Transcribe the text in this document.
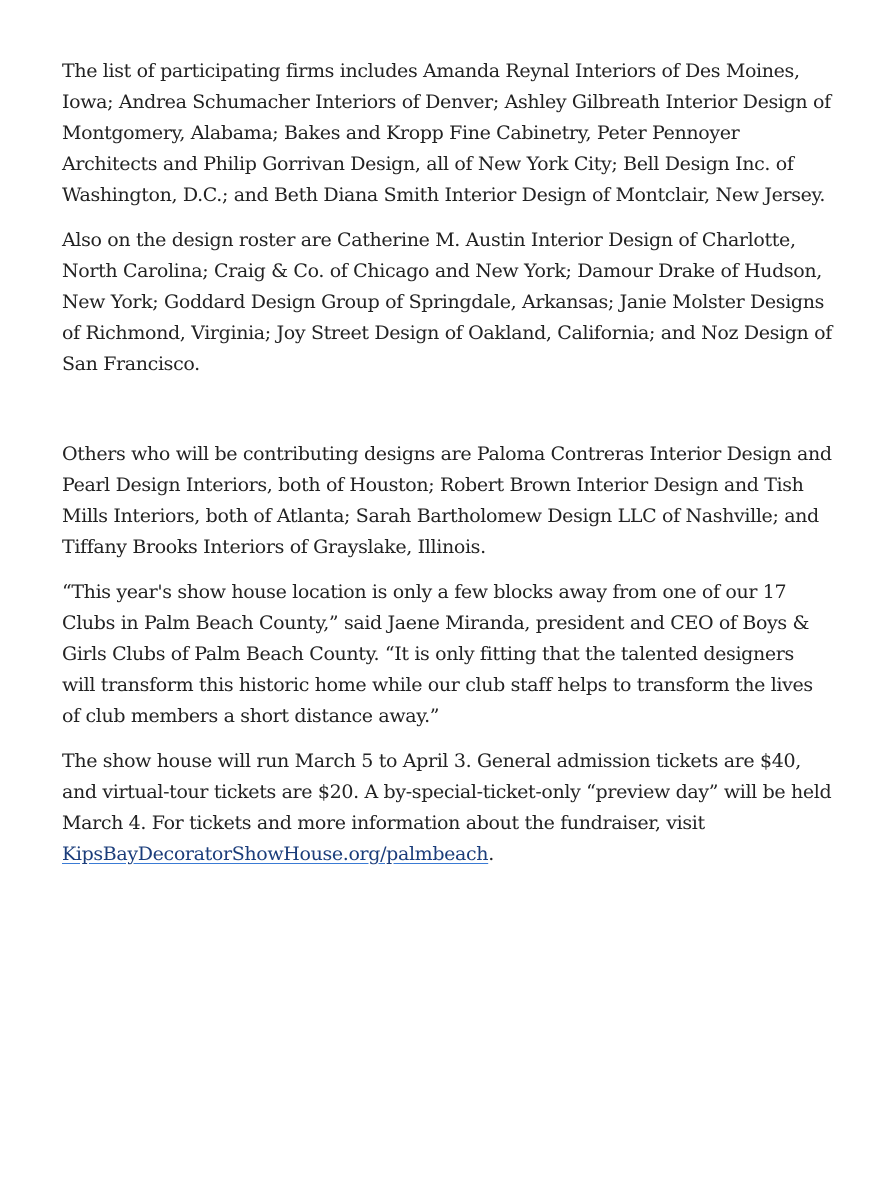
The list of participating firms includes Amanda Reynal Interiors of Des Moines, Iowa; Andrea Schumacher Interiors of Denver; Ashley Gilbreath Interior Design of Montgomery, Alabama; Bakes and Kropp Fine Cabinetry, Peter Pennoyer Architects and Philip Gorrivan Design, all of New York City; Bell Design Inc. of Washington, D.C.; and Beth Diana Smith Interior Design of Montclair, New Jersey.

Also on the design roster are Catherine M. Austin Interior Design of Charlotte, North Carolina; Craig & Co. of Chicago and New York; Damour Drake of Hudson, New York; Goddard Design Group of Springdale, Arkansas; Janie Molster Designs of Richmond, Virginia; Joy Street Design of Oakland, California; and Noz Design of San Francisco.

Others who will be contributing designs are Paloma Contreras Interior Design and Pearl Design Interiors, both of Houston; Robert Brown Interior Design and Tish Mills Interiors, both of Atlanta; Sarah Bartholomew Design LLC of Nashville; and Tiffany Brooks Interiors of Grayslake, Illinois.

“This year's show house location is only a few blocks away from one of our 17 Clubs in Palm Beach County,” said Jaene Miranda, president and CEO of Boys & Girls Clubs of Palm Beach County. “It is only fitting that the talented designers will transform this historic home while our club staff helps to transform the lives of club members a short distance away.”

The show house will run March 5 to April 3. General admission tickets are $40, and virtual-tour tickets are $20. A by-special-ticket-only “preview day” will be held March 4. For tickets and more information about the fundraiser, visit KipsBayDecoratorShowHouse.org/palmbeach.
